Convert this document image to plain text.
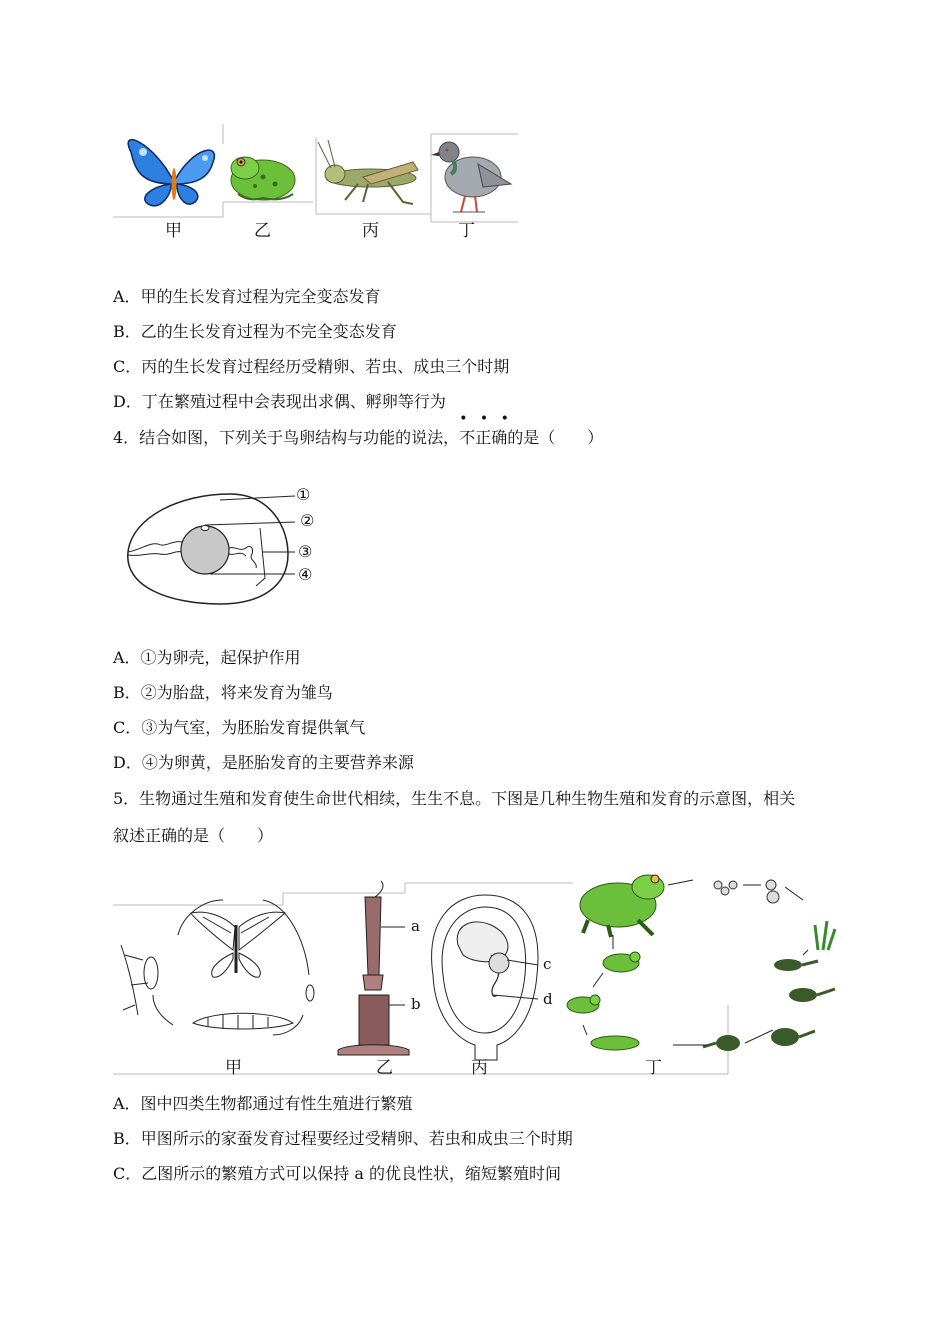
甲	乙	丙	丁
A．甲的生长发育过程为完全变态发育
B．乙的生长发育过程为不完全变态发育
C．丙的生长发育过程经历受精卵、若虫、成虫三个时期
D．丁在繁殖过程中会表现出求偶、孵卵等行为
4．结合如图，下列关于鸟卵结构与功能的说法，
• • •
不正确的是（　　）
①
②
③
④
A．①为卵壳，起保护作用
B．②为胎盘，将来发育为雏鸟
C．③为气室，为胚胎发育提供氧气
D．④为卵黄，是胚胎发育的主要营养来源
5．生物通过生殖和发育使生命世代相续，生生不息。下图是几种生物生殖和发育的示意图，相关
叙述正确的是（　　）
a
b
c
d
甲	乙	丙	丁
A．图中四类生物都通过有性生殖进行繁殖
B．甲图所示的家蚕发育过程要经过受精卵、若虫和成虫三个时期
C．乙图所示的繁殖方式可以保持 a 的优良性状，缩短繁殖时间
